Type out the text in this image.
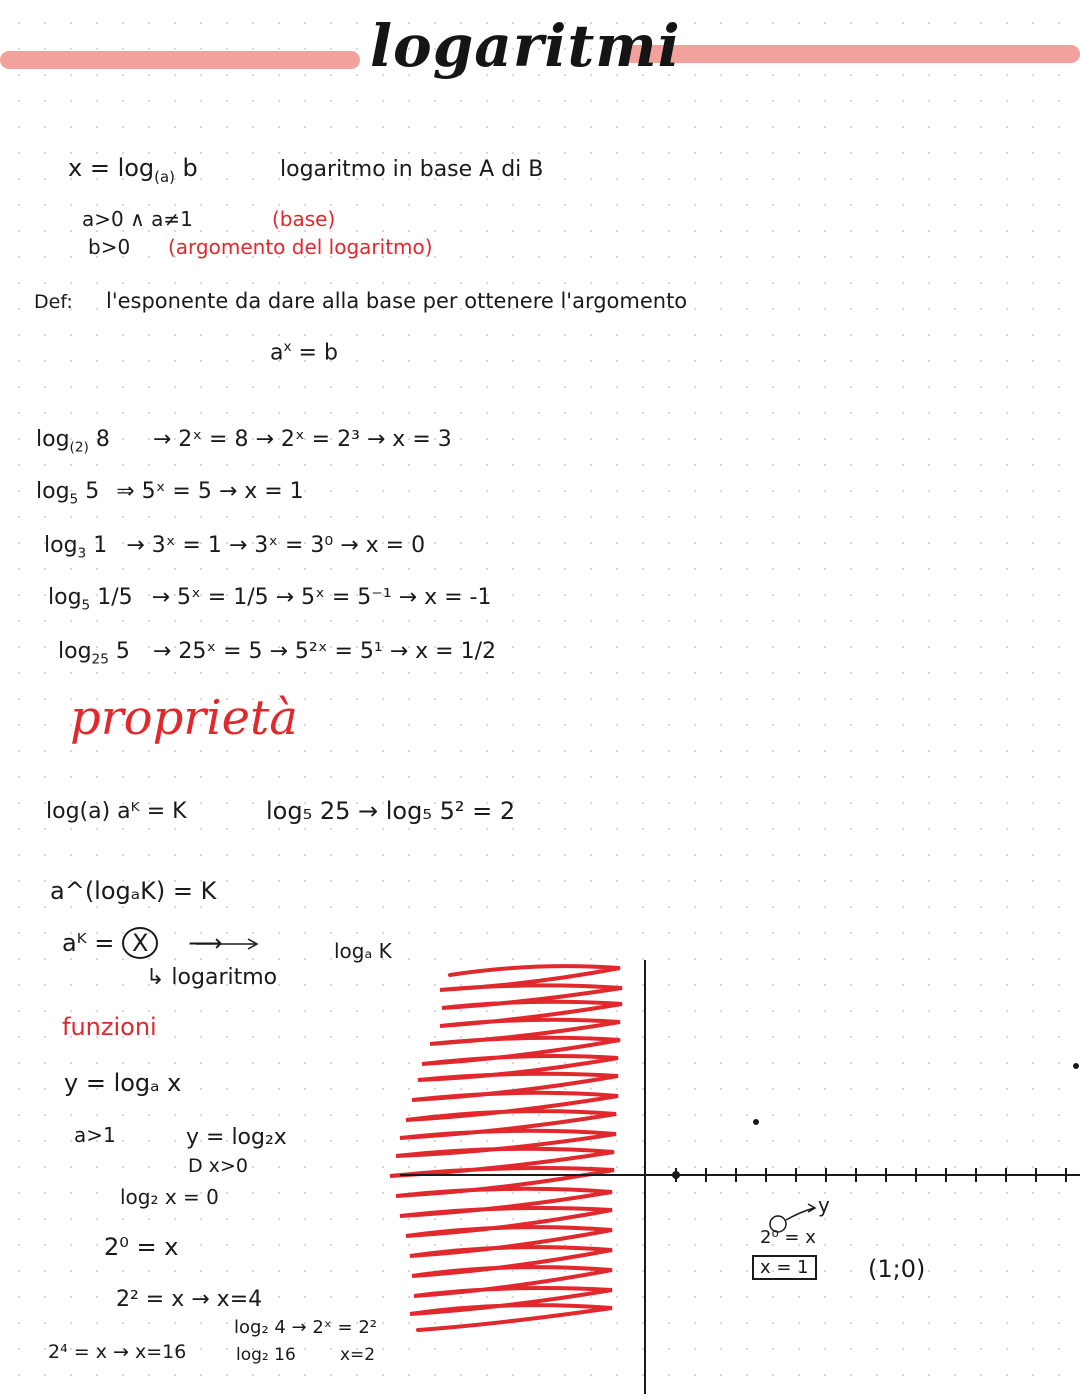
logaritmi
$x = \log_{(a)} b$	logaritmo in base A di B
a>0 ∧ a≠1	(base)
b>0 (argomento del logaritmo)
Def: l'esponente da dare alla base per ottenere l'argomento
$a^x = b$
$\log_{(2)} 8$ → 2ˣ = 8 → 2ˣ = 2³ → x = 3
$\log_5 5$ ⇒ 5ˣ = 5 → x = 1
$\log_3 1$ → 3ˣ = 1 → 3ˣ = 3⁰ → x = 0
$\log_5 1/5$ → 5ˣ = 1/5 → 5ˣ = 5⁻¹ → x = -1
$\log_{25} 5$ → 25ˣ = 5 → 5²ˣ = 5¹ → x = 1/2
proprietà
log(a) aᴷ = K	log₅ 25 → log₅ 5² = 2
a^(logₐK) = K
aᴷ = X ⟶
↳ logaritmo
logₐ K
funzioni
y = logₐ x
a>1	y = log₂x
D x>0
log₂ x = 0
2⁰ = x
2² = x → x=4
2⁴ = x → x=16
log₂ 4 → 2ˣ = 2²
log₂ 16	x=2
y
2⁰ = x
x = 1	(1;0)
